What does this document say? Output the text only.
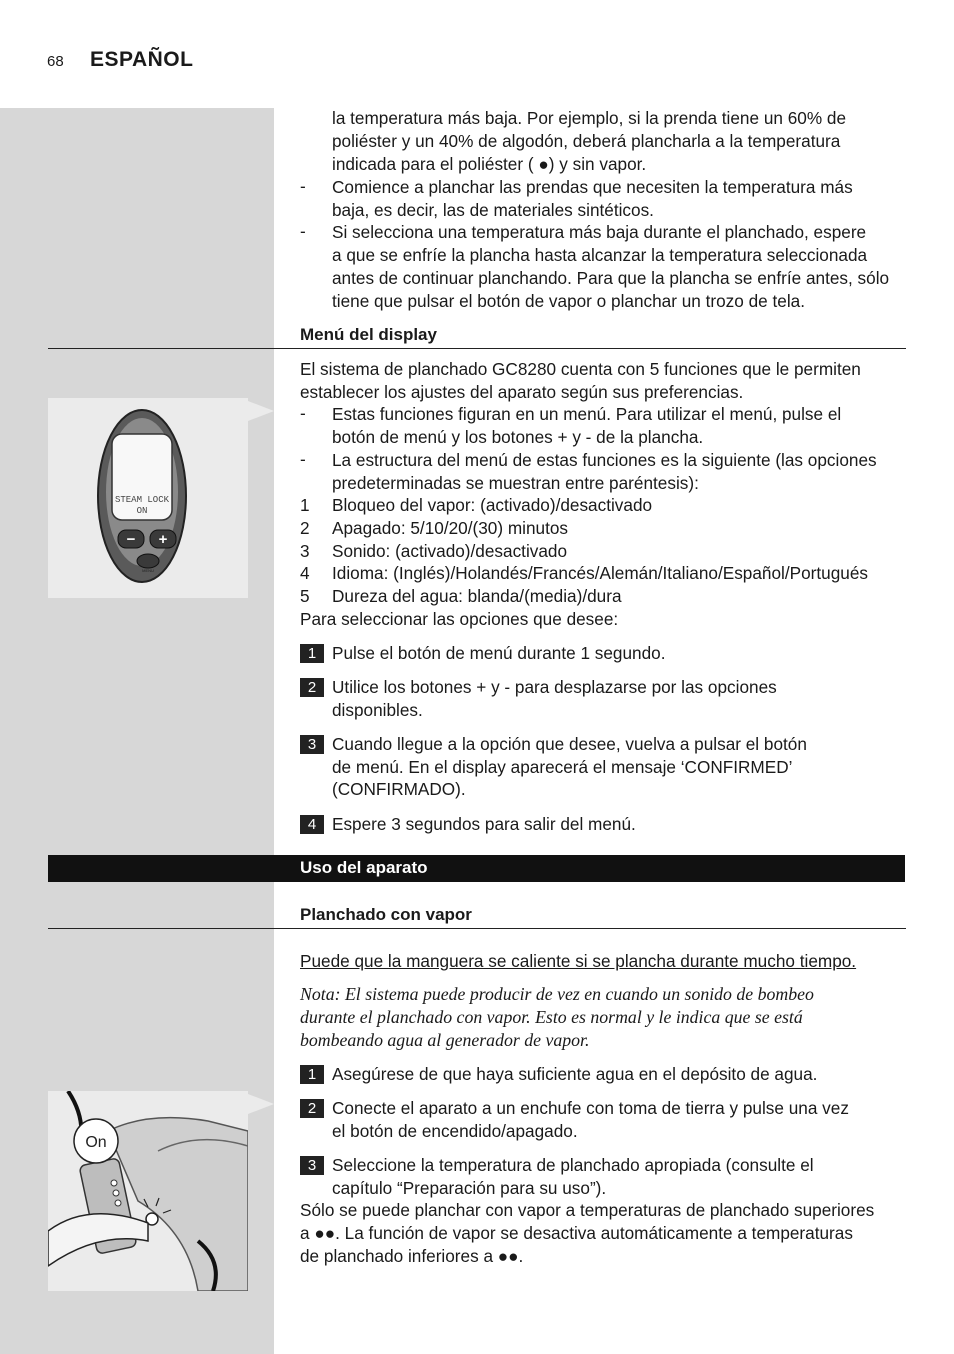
68 ESPAÑOL
la temperatura más baja. Por ejemplo, si la prenda tiene un 60% de
poliéster y un 40% de algodón, deberá plancharla a la temperatura
indicada para el poliéster ( ●) y sin vapor.
- Comience a planchar las prendas que necesiten la temperatura más
baja, es decir, las de materiales sintéticos.
- Si selecciona una temperatura más baja durante el planchado, espere
a que se enfríe la plancha hasta alcanzar la temperatura seleccionada
antes de continuar planchando. Para que la plancha se enfríe antes, sólo
tiene que pulsar el botón de vapor o planchar un trozo de tela.
Menú del display
El sistema de planchado GC8280 cuenta con 5 funciones que le permiten
establecer los ajustes del aparato según sus preferencias.
- Estas funciones figuran en un menú. Para utilizar el menú, pulse el
botón de menú y los botones + y - de la plancha.
- La estructura del menú de estas funciones es la siguiente (las opciones
predeterminadas se muestran entre paréntesis):
1 Bloqueo del vapor: (activado)/desactivado
2 Apagado: 5/10/20/(30) minutos
3 Sonido: (activado)/desactivado
4 Idioma: (Inglés)/Holandés/Francés/Alemán/Italiano/Español/Portugués
5 Dureza del agua: blanda/(media)/dura
Para seleccionar las opciones que desee:
1 Pulse el botón de menú durante 1 segundo.
2 Utilice los botones + y - para desplazarse por las opciones
disponibles.
3 Cuando llegue a la opción que desee, vuelva a pulsar el botón
de menú. En el display aparecerá el mensaje ‘CONFIRMED’
(CONFIRMADO).
4 Espere 3 segundos para salir del menú.
STEAM LOCK
ON
− +
MENU
Uso del aparato
Planchado con vapor
Puede que la manguera se caliente si se plancha durante mucho tiempo.
Nota: El sistema puede producir de vez en cuando un sonido de bombeo
durante el planchado con vapor. Esto es normal y le indica que se está
bombeando agua al generador de vapor.
1 Asegúrese de que haya suficiente agua en el depósito de agua.
2 Conecte el aparato a un enchufe con toma de tierra y pulse una vez
el botón de encendido/apagado.
3 Seleccione la temperatura de planchado apropiada (consulte el
capítulo “Preparación para su uso”).
Sólo se puede planchar con vapor a temperaturas de planchado superiores
a ●●. La función de vapor se desactiva automáticamente a temperaturas
de planchado inferiores a ●●.
On
